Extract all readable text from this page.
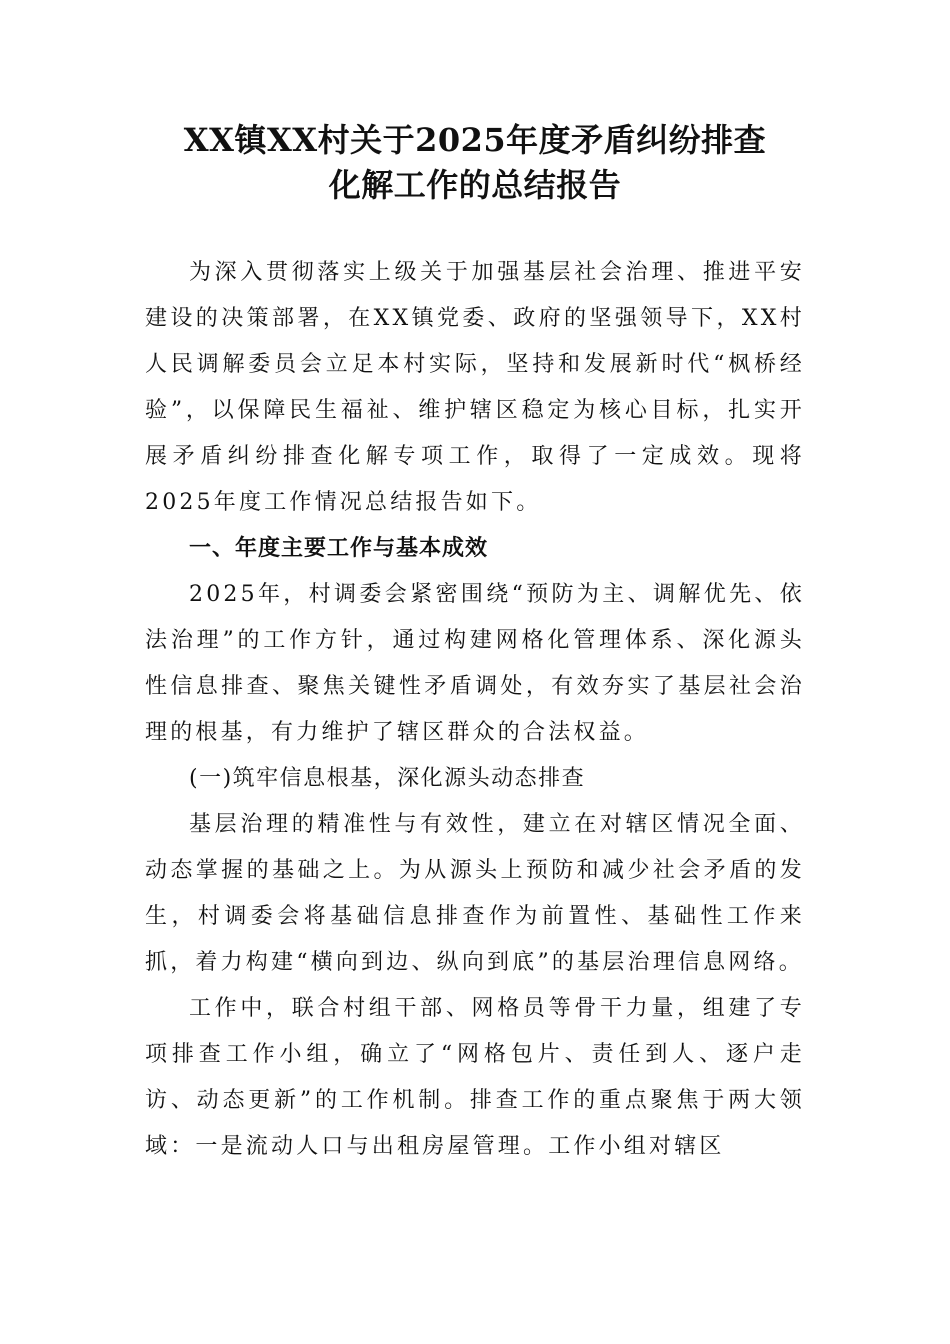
XX镇XX村关于2025年度矛盾纠纷排查
化解工作的总结报告

为深入贯彻落实上级关于加强基层社会治理、推进平安建设的决策部署，在XX镇党委、政府的坚强领导下，XX村人民调解委员会立足本村实际，坚持和发展新时代“枫桥经验”，以保障民生福祉、维护辖区稳定为核心目标，扎实开展矛盾纠纷排查化解专项工作，取得了一定成效。现将2025年度工作情况总结报告如下。

一、年度主要工作与基本成效

2025年，村调委会紧密围绕“预防为主、调解优先、依法治理”的工作方针，通过构建网格化管理体系、深化源头性信息排查、聚焦关键性矛盾调处，有效夯实了基层社会治理的根基，有力维护了辖区群众的合法权益。

(一)筑牢信息根基，深化源头动态排查

基层治理的精准性与有效性，建立在对辖区情况全面、动态掌握的基础之上。为从源头上预防和减少社会矛盾的发生，村调委会将基础信息排查作为前置性、基础性工作来抓，着力构建“横向到边、纵向到底”的基层治理信息网络。

工作中，联合村组干部、网格员等骨干力量，组建了专项排查工作小组，确立了“网格包片、责任到人、逐户走访、动态更新”的工作机制。排查工作的重点聚焦于两大领域：一是流动人口与出租房屋管理。工作小组对辖区
